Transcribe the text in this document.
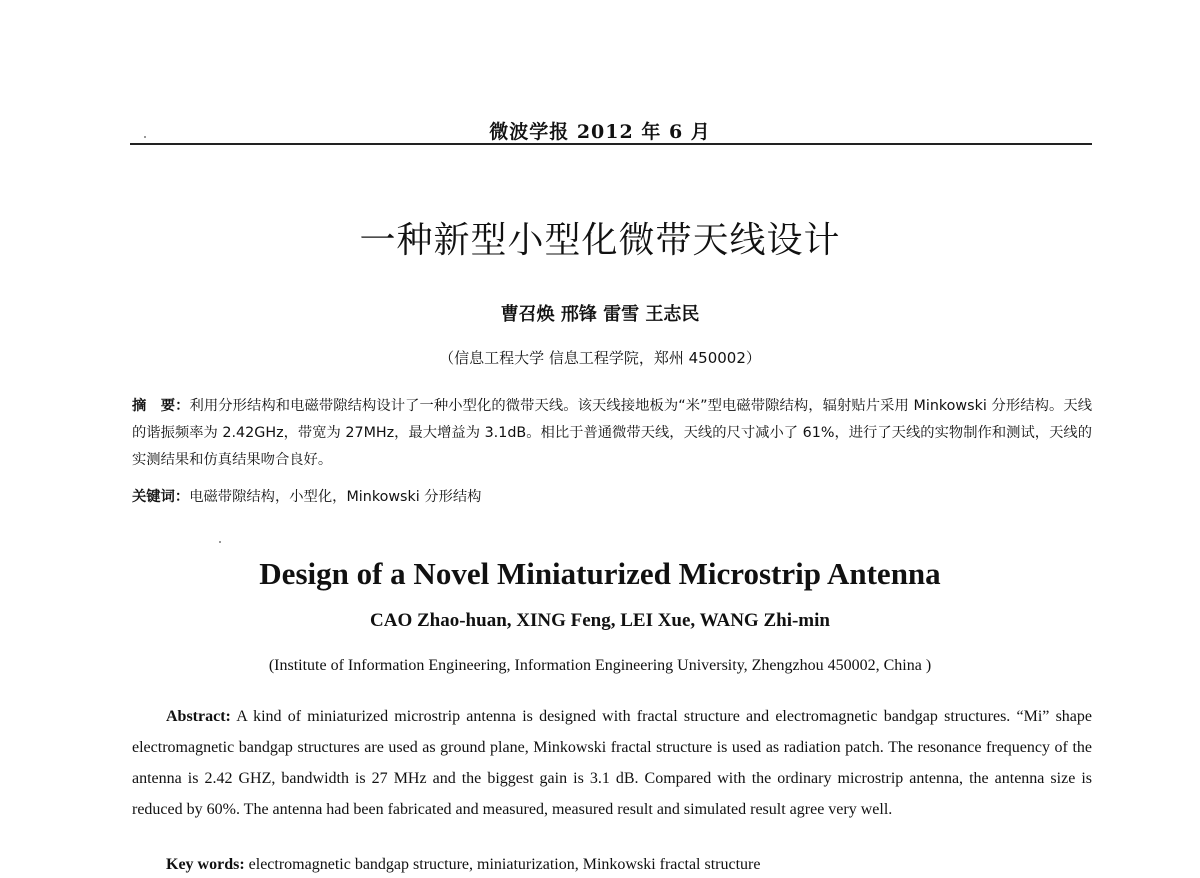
微波学报 2012 年 6 月
一种新型小型化微带天线设计
曹召焕 邢锋 雷雪 王志民
（信息工程大学 信息工程学院，郑州 450002）
摘　要：利用分形结构和电磁带隙结构设计了一种小型化的微带天线。该天线接地板为“米”型电磁带隙结构，辐射贴片采用 Minkowski 分形结构。天线的谐振频率为 2.42GHz，带宽为 27MHz，最大增益为 3.1dB。相比于普通微带天线，天线的尺寸减小了 61%，进行了天线的实物制作和测试，天线的实测结果和仿真结果吻合良好。
关键词：电磁带隙结构，小型化，Minkowski 分形结构
Design of a Novel Miniaturized Microstrip Antenna
CAO Zhao-huan, XING Feng, LEI Xue, WANG Zhi-min
(Institute of Information Engineering, Information Engineering University, Zhengzhou 450002, China )
Abstract: A kind of miniaturized microstrip antenna is designed with fractal structure and electromagnetic bandgap structures. “Mi” shape electromagnetic bandgap structures are used as ground plane, Minkowski fractal structure is used as radiation patch. The resonance frequency of the antenna is 2.42 GHZ, bandwidth is 27 MHz and the biggest gain is 3.1 dB. Compared with the ordinary microstrip antenna, the antenna size is reduced by 60%. The antenna had been fabricated and measured, measured result and simulated result agree very well.
Key words: electromagnetic bandgap structure, miniaturization, Minkowski fractal structure
